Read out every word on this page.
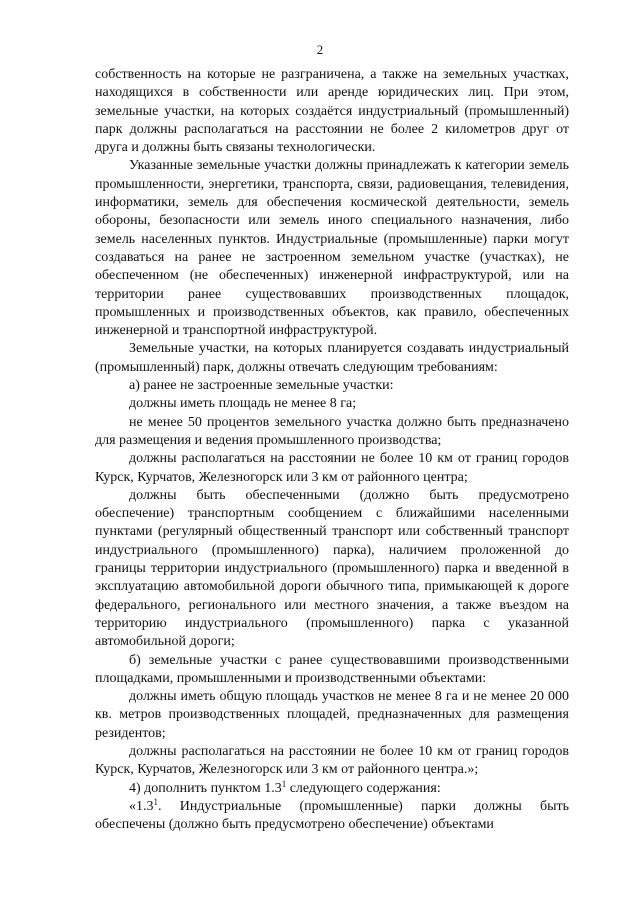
2

собственность на которые не разграничена, а также на земельных участках, находящихся в собственности или аренде юридических лиц. При этом, земельные участки, на которых создаётся индустриальный (промышленный) парк должны располагаться на расстоянии не более 2 километров друг от друга и должны быть связаны технологически.

Указанные земельные участки должны принадлежать к категории земель промышленности, энергетики, транспорта, связи, радиовещания, телевидения, информатики, земель для обеспечения космической деятельности, земель обороны, безопасности или земель иного специального назначения, либо земель населенных пунктов. Индустриальные (промышленные) парки могут создаваться на ранее не застроенном земельном участке (участках), не обеспеченном (не обеспеченных) инженерной инфраструктурой, или на территории ранее существовавших производственных площадок, промышленных и производственных объектов, как правило, обеспеченных инженерной и транспортной инфраструктурой.

Земельные участки, на которых планируется создавать индустриальный (промышленный) парк, должны отвечать следующим требованиям:

а) ранее не застроенные земельные участки:

должны иметь площадь не менее 8 га;

не менее 50 процентов земельного участка должно быть предназначено для размещения и ведения промышленного производства;

должны располагаться на расстоянии не более 10 км от границ городов Курск, Курчатов, Железногорск или 3 км от районного центра;

должны быть обеспеченными (должно быть предусмотрено обеспечение) транспортным сообщением с ближайшими населенными пунктами (регулярный общественный транспорт или собственный транспорт индустриального (промышленного) парка), наличием проложенной до границы территории индустриального (промышленного) парка и введенной в эксплуатацию автомобильной дороги обычного типа, примыкающей к дороге федерального, регионального или местного значения, а также въездом на территорию индустриального (промышленного) парка с указанной автомобильной дороги;

б) земельные участки с ранее существовавшими производственными площадками, промышленными и производственными объектами:

должны иметь общую площадь участков не менее 8 га и не менее 20 000 кв. метров производственных площадей, предназначенных для размещения резидентов;

должны располагаться на расстоянии не более 10 км от границ городов Курск, Курчатов, Железногорск или 3 км от районного центра.»;

4) дополнить пунктом $1.3^1$ следующего содержания:

«$1.3^1$. Индустриальные (промышленные) парки должны быть обеспечены (должно быть предусмотрено обеспечение) объектами
